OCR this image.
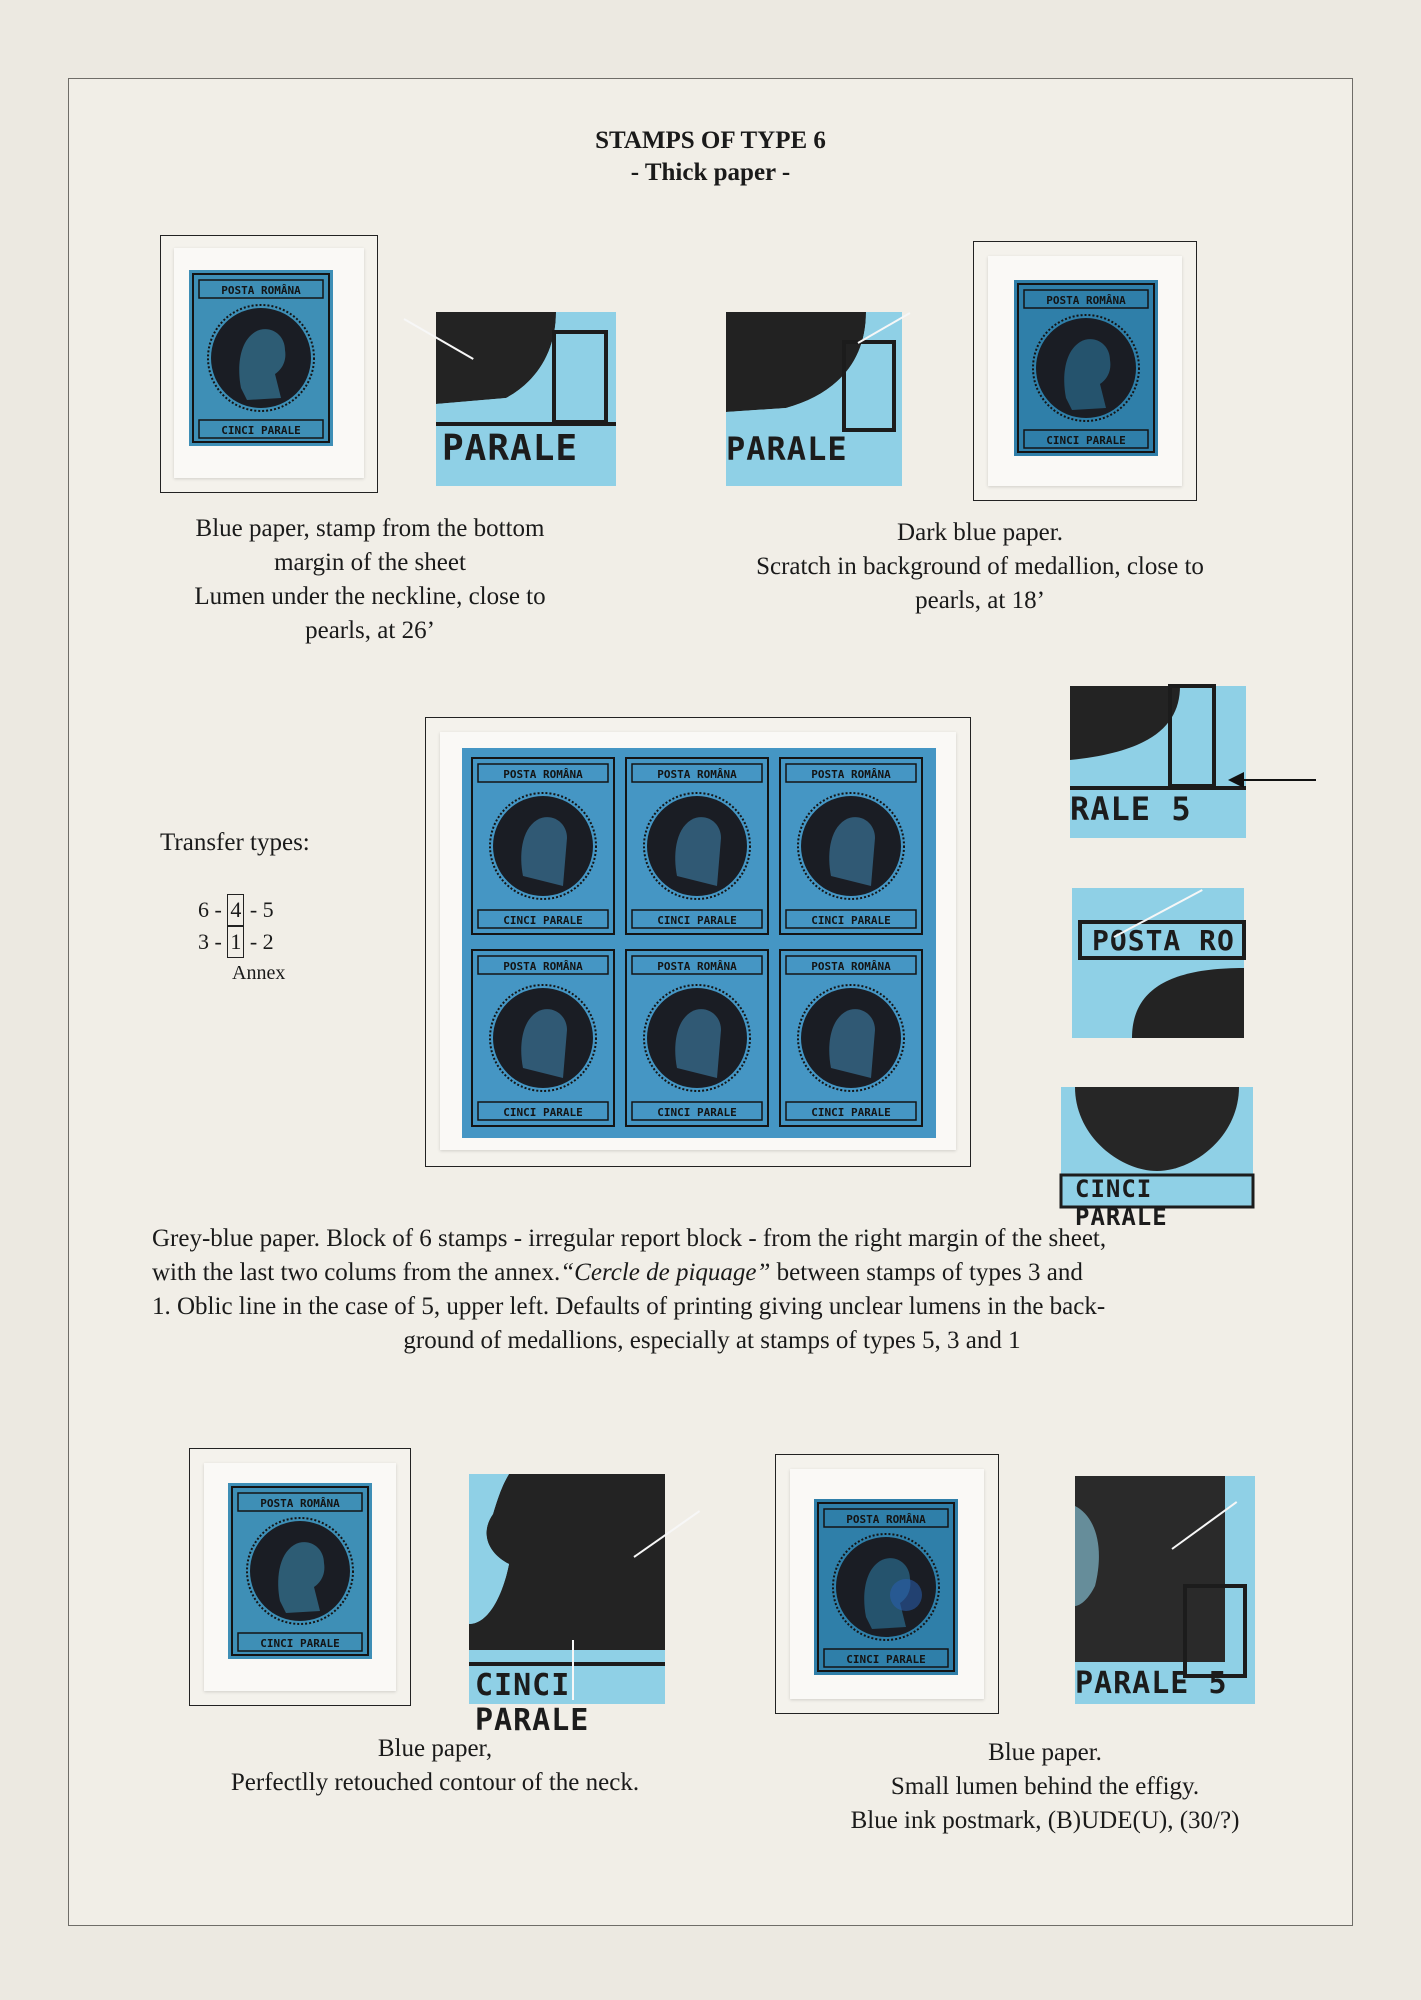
STAMPS OF TYPE 6
- Thick paper -
POSTA ROMÂNA
CINCI PARALE	PARALE
Blue paper, stamp from the bottom
margin of the sheet
Lumen under the neckline, close to
pearls, at 26’
PARALE
POSTA ROMÂNA
CINCI PARALE
Dark blue paper.
Scratch in background of medallion, close to
pearls, at 18’
Transfer types:
6 - 4 - 5
3 - 1 - 2
Annex
POSTA ROMÂNA
CINCI PARALE
POSTA ROMÂNA
CINCI PARALE
POSTA ROMÂNA
CINCI PARALE
POSTA ROMÂNA
CINCI PARALE
POSTA ROMÂNA
CINCI PARALE
POSTA ROMÂNA
CINCI PARALE
RALE 5
POSTA RO
CINCI PARALE
Grey-blue paper. Block of 6 stamps - irregular report block - from the right margin of the sheet,
with the last two colums from the annex.“Cercle de piquage” between stamps of types 3 and
1. Oblic line in the case of 5, upper left. Defaults of printing giving unclear lumens in the back-
ground of medallions, especially at stamps of types 5, 3 and 1
POSTA ROMÂNA
CINCI PARALE
CINCI PARALE
Blue paper,
Perfectlly retouched contour of the neck.
POSTA ROMÂNA
CINCI PARALE
PARALE 5
Blue paper.
Small lumen behind the effigy.
Blue ink postmark, (B)UDE(U), (30/?)
